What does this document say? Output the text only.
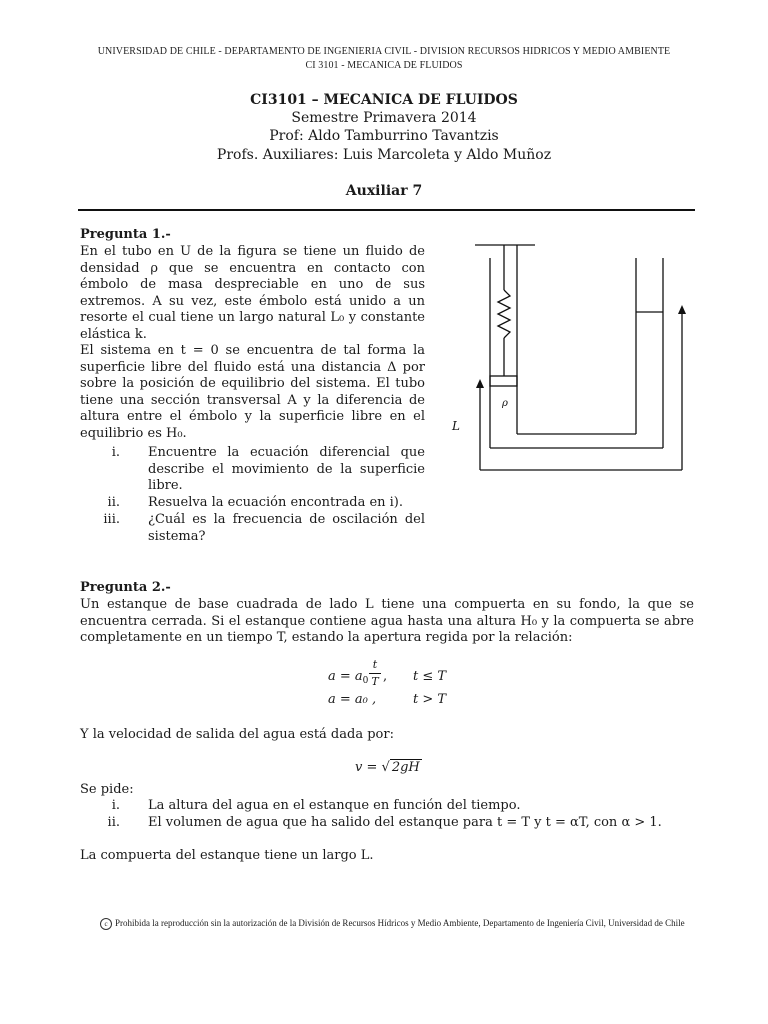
UNIVERSIDAD DE CHILE - DEPARTAMENTO DE INGENIERIA CIVIL - DIVISION RECURSOS HIDRICOS Y MEDIO AMBIENTE
CI 3101 - MECANICA DE FLUIDOS
CI3101 – MECANICA DE FLUIDOS
Semestre Primavera 2014
Prof: Aldo Tamburrino Tavantzis
Profs. Auxiliares: Luis Marcoleta y Aldo Muñoz
Auxiliar 7
Pregunta 1.-
En el tubo en U de la figura se tiene un fluido de
densidad ρ que se encuentra en contacto con
émbolo de masa despreciable en uno de sus
extremos. A su vez, este émbolo está unido a un
resorte el cual tiene un largo natural L₀ y constante
elástica k.
El sistema en t = 0 se encuentra de tal forma la
superficie libre del fluido está una distancia Δ por
sobre la posición de equilibrio del sistema. El tubo
tiene una sección transversal A y la diferencia de
altura entre el émbolo y la superficie libre en el
equilibrio es H₀.
i. Encuentre la ecuación diferencial que
describe el movimiento de la superficie
libre.
ii. Resuelva la ecuación encontrada en i).
iii. ¿Cuál es la frecuencia de oscilación del
sistema?
ρ
L
Pregunta 2.-
Un estanque de base cuadrada de lado L tiene una compuerta en su fondo, la que se
encuentra cerrada. Si el estanque contiene agua hasta una altura H₀ y la compuerta se abre
completamente en un tiempo T, estando la apertura regida por la relación:
$a = a_0$
t
T , t ≤ T
a = a₀ ,	t > T
Y la velocidad de salida del agua está dada por:
v = √ 2gH
Se pide:
i. La altura del agua en el estanque en función del tiempo.
ii. El volumen de agua que ha salido del estanque para t = T y t = αT, con α > 1.
La compuerta del estanque tiene un largo L.
c Prohibida la reproducción sin la autorización de la División de Recursos Hídricos y Medio Ambiente, Departamento de Ingeniería Civil, Universidad de Chile
